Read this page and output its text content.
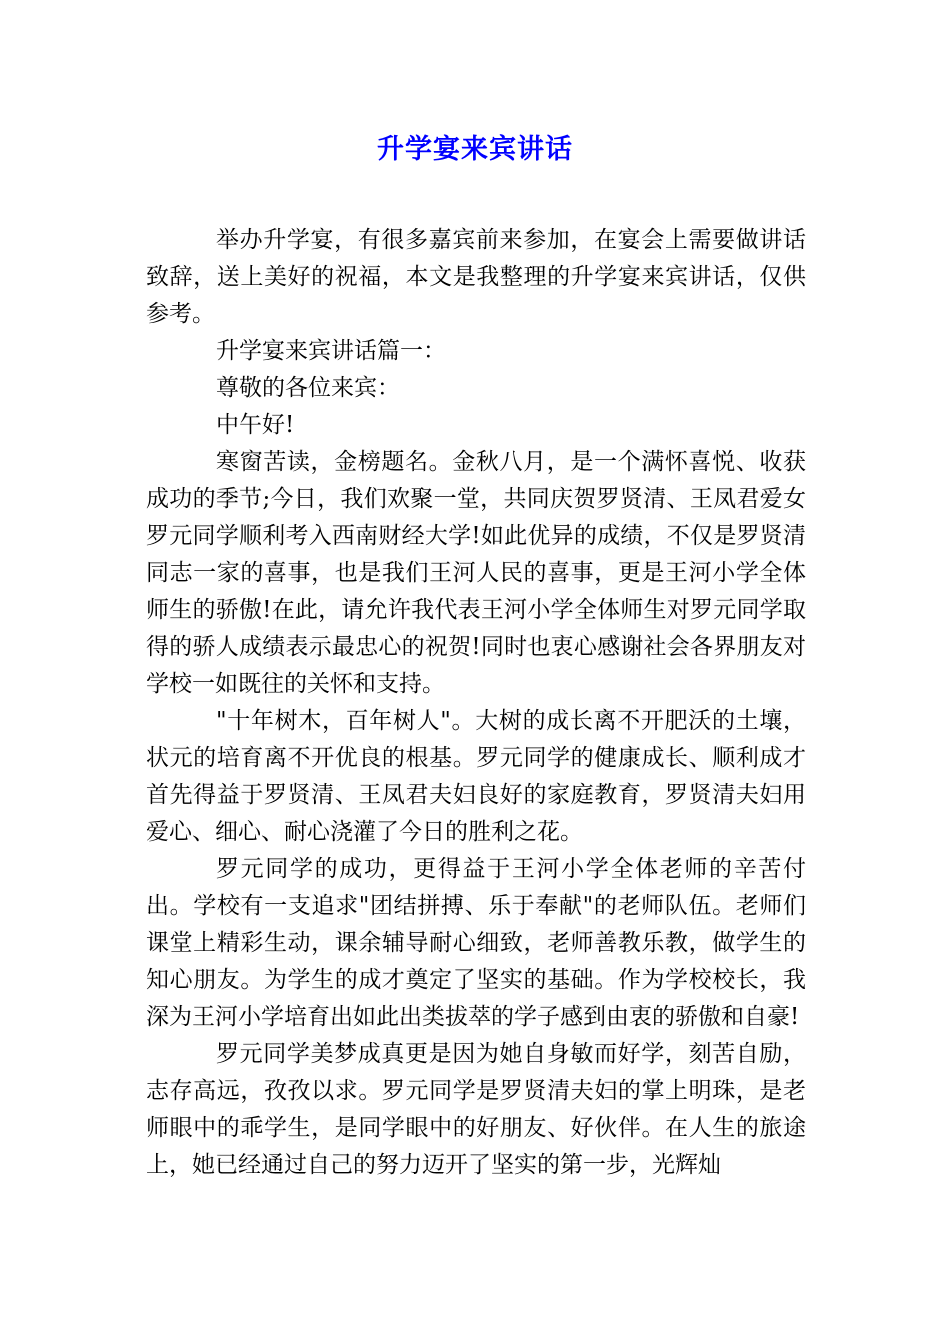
升学宴来宾讲话

举办升学宴，有很多嘉宾前来参加，在宴会上需要做讲话致辞，送上美好的祝福，本文是我整理的升学宴来宾讲话，仅供参考。

升学宴来宾讲话篇一：

尊敬的各位来宾：

中午好!

寒窗苦读，金榜题名。金秋八月，是一个满怀喜悦、收获成功的季节;今日，我们欢聚一堂，共同庆贺罗贤清、王凤君爱女罗元同学顺利考入西南财经大学!如此优异的成绩，不仅是罗贤清同志一家的喜事，也是我们王河人民的喜事，更是王河小学全体师生的骄傲!在此，请允许我代表王河小学全体师生对罗元同学取得的骄人成绩表示最忠心的祝贺!同时也衷心感谢社会各界朋友对学校一如既往的关怀和支持。

"十年树木，百年树人"。大树的成长离不开肥沃的土壤，状元的培育离不开优良的根基。罗元同学的健康成长、顺利成才首先得益于罗贤清、王凤君夫妇良好的家庭教育，罗贤清夫妇用爱心、细心、耐心浇灌了今日的胜利之花。

罗元同学的成功，更得益于王河小学全体老师的辛苦付出。学校有一支追求"团结拼搏、乐于奉献"的老师队伍。老师们课堂上精彩生动，课余辅导耐心细致，老师善教乐教，做学生的知心朋友。为学生的成才奠定了坚实的基础。作为学校校长，我深为王河小学培育出如此出类拔萃的学子感到由衷的骄傲和自豪!

罗元同学美梦成真更是因为她自身敏而好学，刻苦自励，志存高远，孜孜以求。罗元同学是罗贤清夫妇的掌上明珠，是老师眼中的乖学生，是同学眼中的好朋友、好伙伴。在人生的旅途上，她已经通过自己的努力迈开了坚实的第一步，光辉灿
